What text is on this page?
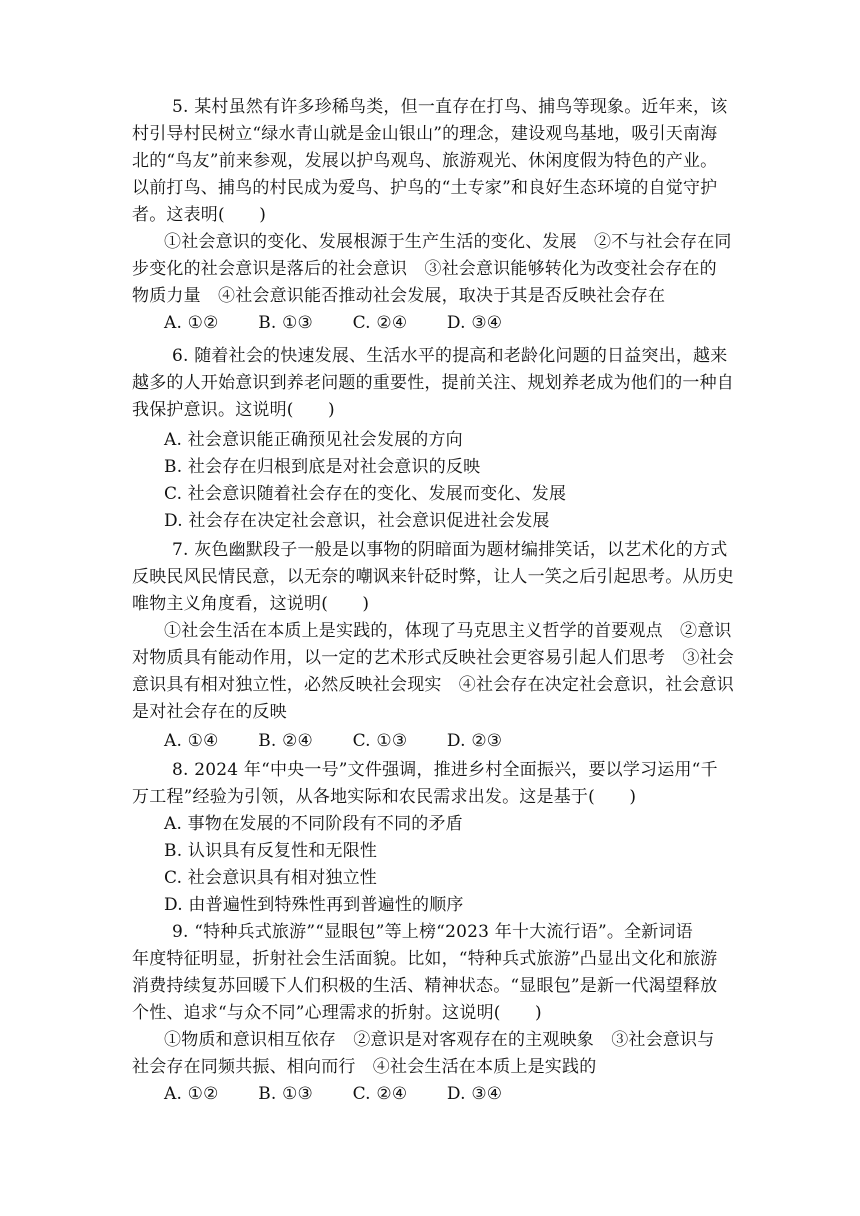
5. 某村虽然有许多珍稀鸟类，但一直存在打鸟、捕鸟等现象。近年来，该
村引导村民树立“绿水青山就是金山银山”的理念，建设观鸟基地，吸引天南海
北的“鸟友”前来参观，发展以护鸟观鸟、旅游观光、休闲度假为特色的产业。
以前打鸟、捕鸟的村民成为爱鸟、护鸟的“土专家”和良好生态环境的自觉守护
者。这表明(　　)
①社会意识的变化、发展根源于生产生活的变化、发展　②不与社会存在同
步变化的社会意识是落后的社会意识　③社会意识能够转化为改变社会存在的
物质力量　④社会意识能否推动社会发展，取决于其是否反映社会存在
A. ①② B. ①③ C. ②④ D. ③④
6. 随着社会的快速发展、生活水平的提高和老龄化问题的日益突出，越来
越多的人开始意识到养老问题的重要性，提前关注、规划养老成为他们的一种自
我保护意识。这说明(　　)
A. 社会意识能正确预见社会发展的方向
B. 社会存在归根到底是对社会意识的反映
C. 社会意识随着社会存在的变化、发展而变化、发展
D. 社会存在决定社会意识，社会意识促进社会发展
7. 灰色幽默段子一般是以事物的阴暗面为题材编排笑话，以艺术化的方式
反映民风民情民意，以无奈的嘲讽来针砭时弊，让人一笑之后引起思考。从历史
唯物主义角度看，这说明(　　)
①社会生活在本质上是实践的，体现了马克思主义哲学的首要观点　②意识
对物质具有能动作用，以一定的艺术形式反映社会更容易引起人们思考　③社会
意识具有相对独立性，必然反映社会现实　④社会存在决定社会意识，社会意识
是对社会存在的反映
A. ①④ B. ②④ C. ①③ D. ②③
8. 2024 年“中央一号”文件强调，推进乡村全面振兴，要以学习运用“千
万工程”经验为引领，从各地实际和农民需求出发。这是基于(　　)
A. 事物在发展的不同阶段有不同的矛盾
B. 认识具有反复性和无限性
C. 社会意识具有相对独立性
D. 由普遍性到特殊性再到普遍性的顺序
9. “特种兵式旅游”“显眼包”等上榜“2023 年十大流行语”。全新词语
年度特征明显，折射社会生活面貌。比如，“特种兵式旅游”凸显出文化和旅游
消费持续复苏回暖下人们积极的生活、精神状态。“显眼包”是新一代渴望释放
个性、追求“与众不同”心理需求的折射。这说明(　　)
①物质和意识相互依存　②意识是对客观存在的主观映象　③社会意识与
社会存在同频共振、相向而行　④社会生活在本质上是实践的
A. ①② B. ①③ C. ②④ D. ③④
